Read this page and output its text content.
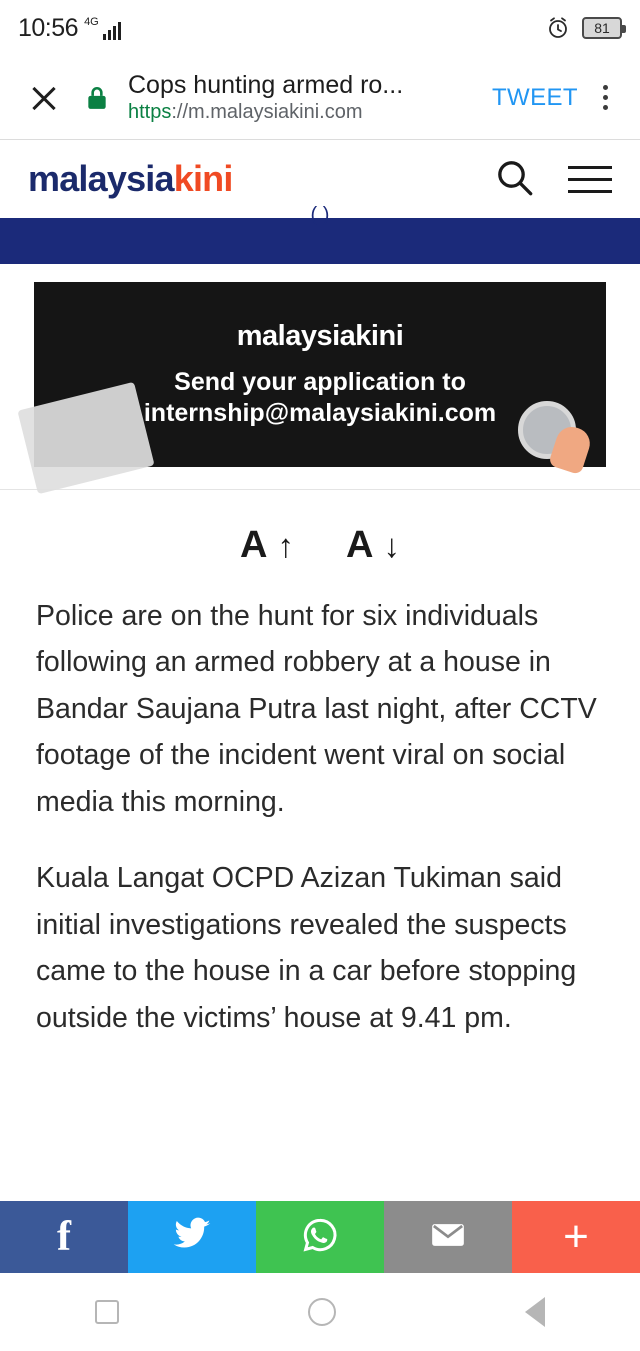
10:56 4G	81
Cops hunting armed ro...
https://m.malaysiakini.com
TWEET
malaysiakini
( )
malaysiakini
Send your application to
internship@malaysiakini.com
A ↑ A ↓

Police are on the hunt for six individuals following an armed robbery at a house in Bandar Saujana Putra last night, after CCTV footage of the incident went viral on social media this morning.

Kuala Langat OCPD Azizan Tukiman said initial investigations revealed the suspects came to the house in a car before stopping outside the victims’ house at 9.41 pm.

f	+
